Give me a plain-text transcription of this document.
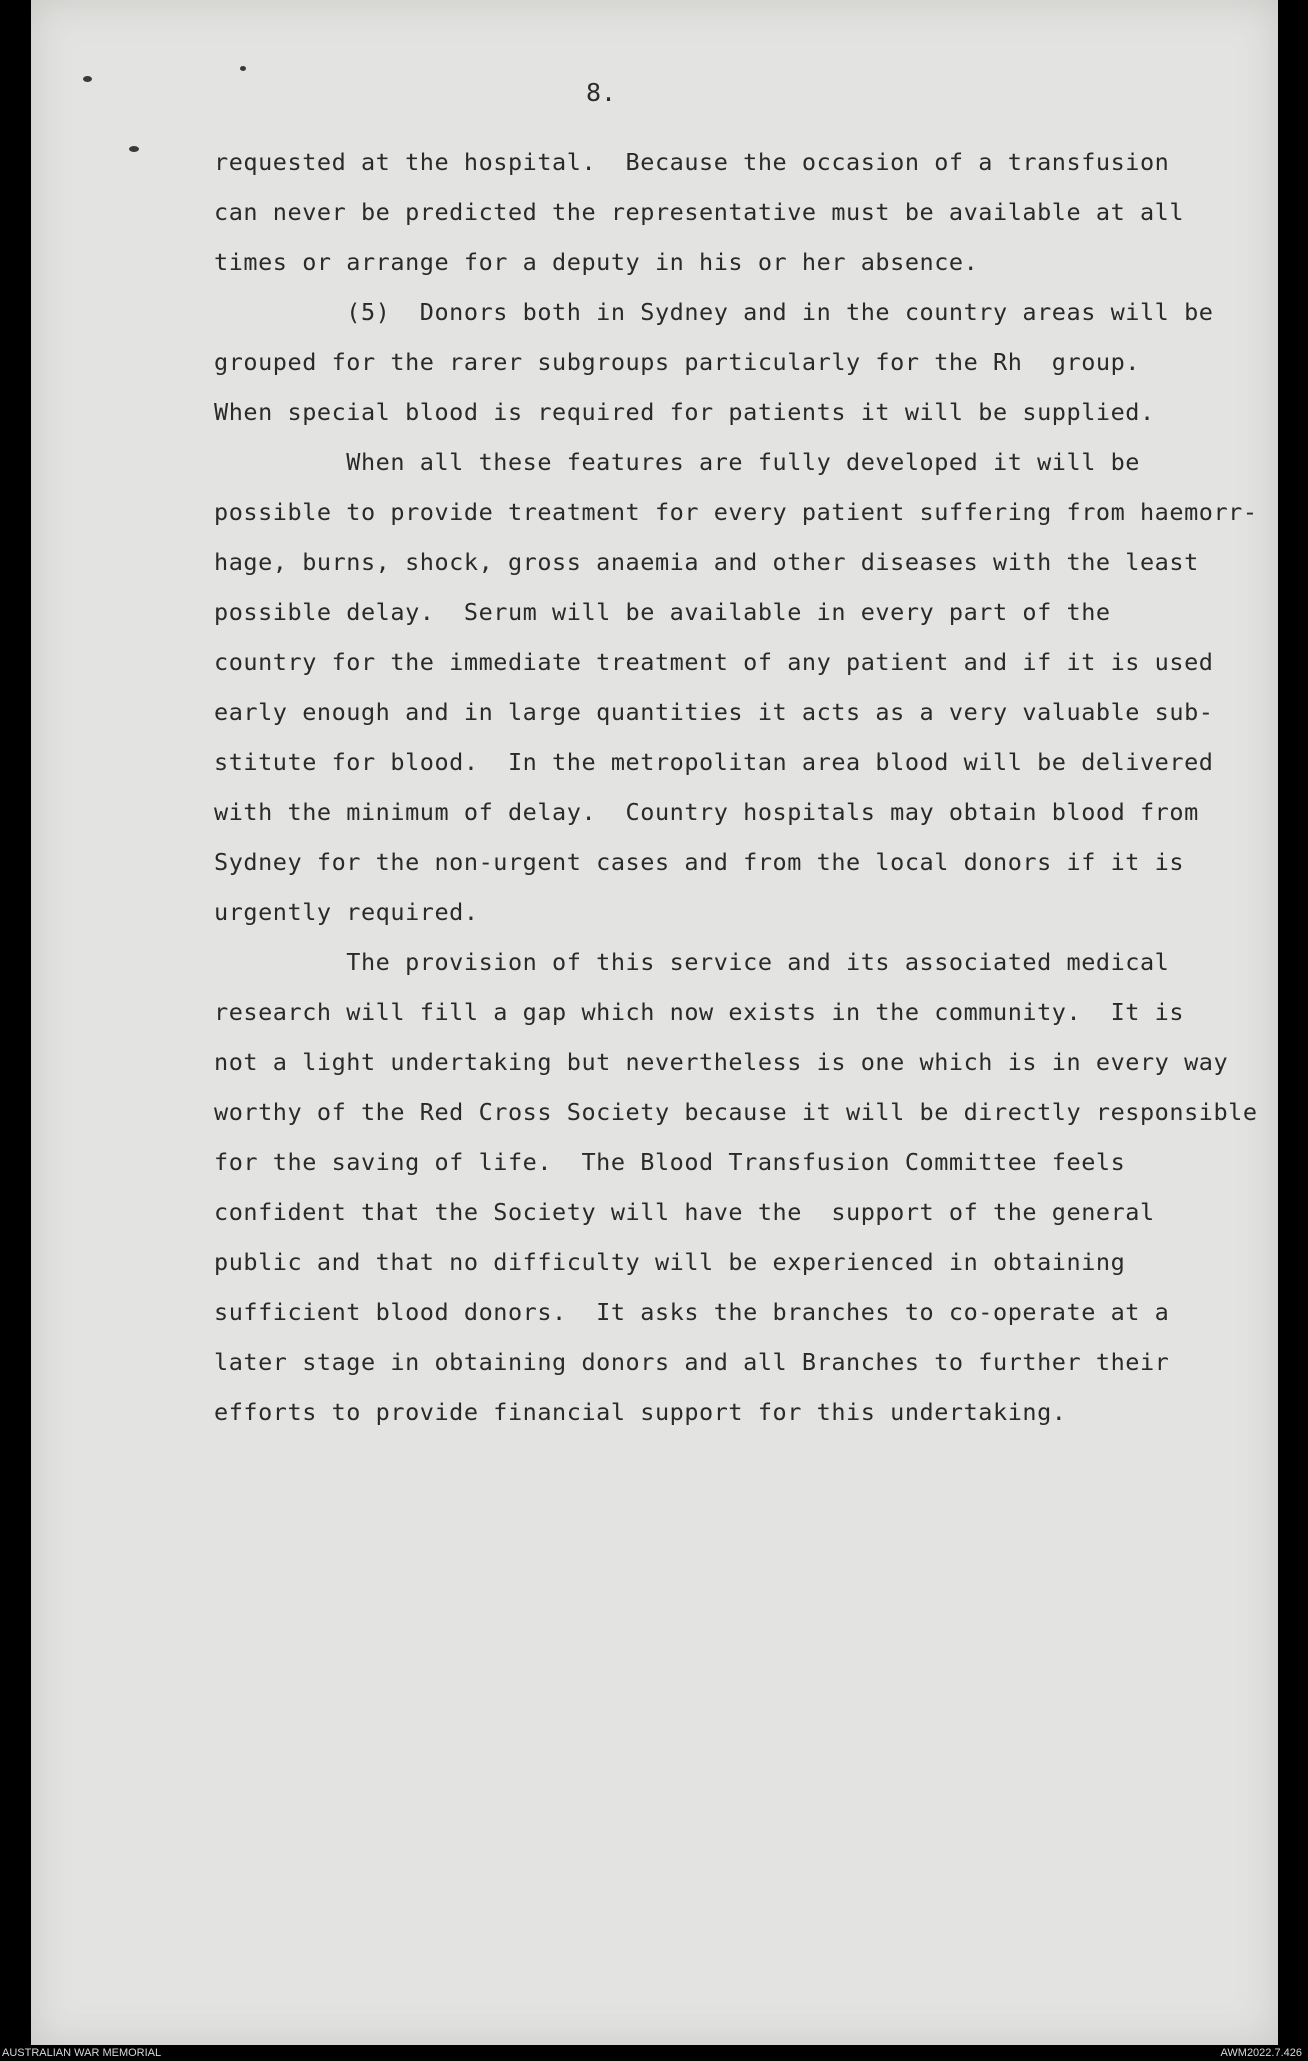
8.

requested at the hospital.  Because the occasion of a transfusion
can never be predicted the representative must be available at all
times or arrange for a deputy in his or her absence.
(5)  Donors both in Sydney and in the country areas will be
grouped for the rarer subgroups particularly for the Rh  group.
When special blood is required for patients it will be supplied.
When all these features are fully developed it will be
possible to provide treatment for every patient suffering from haemorr-
hage, burns, shock, gross anaemia and other diseases with the least
possible delay.  Serum will be available in every part of the
country for the immediate treatment of any patient and if it is used
early enough and in large quantities it acts as a very valuable sub-
stitute for blood.  In the metropolitan area blood will be delivered
with the minimum of delay.  Country hospitals may obtain blood from
Sydney for the non-urgent cases and from the local donors if it is
urgently required.
The provision of this service and its associated medical
research will fill a gap which now exists in the community.  It is
not a light undertaking but nevertheless is one which is in every way
worthy of the Red Cross Society because it will be directly responsible
for the saving of life.  The Blood Transfusion Committee feels
confident that the Society will have the  support of the general
public and that no difficulty will be experienced in obtaining
sufficient blood donors.  It asks the branches to co-operate at a
later stage in obtaining donors and all Branches to further their
efforts to provide financial support for this undertaking.

AUSTRALIAN WAR MEMORIAL	AWM2022.7.426
